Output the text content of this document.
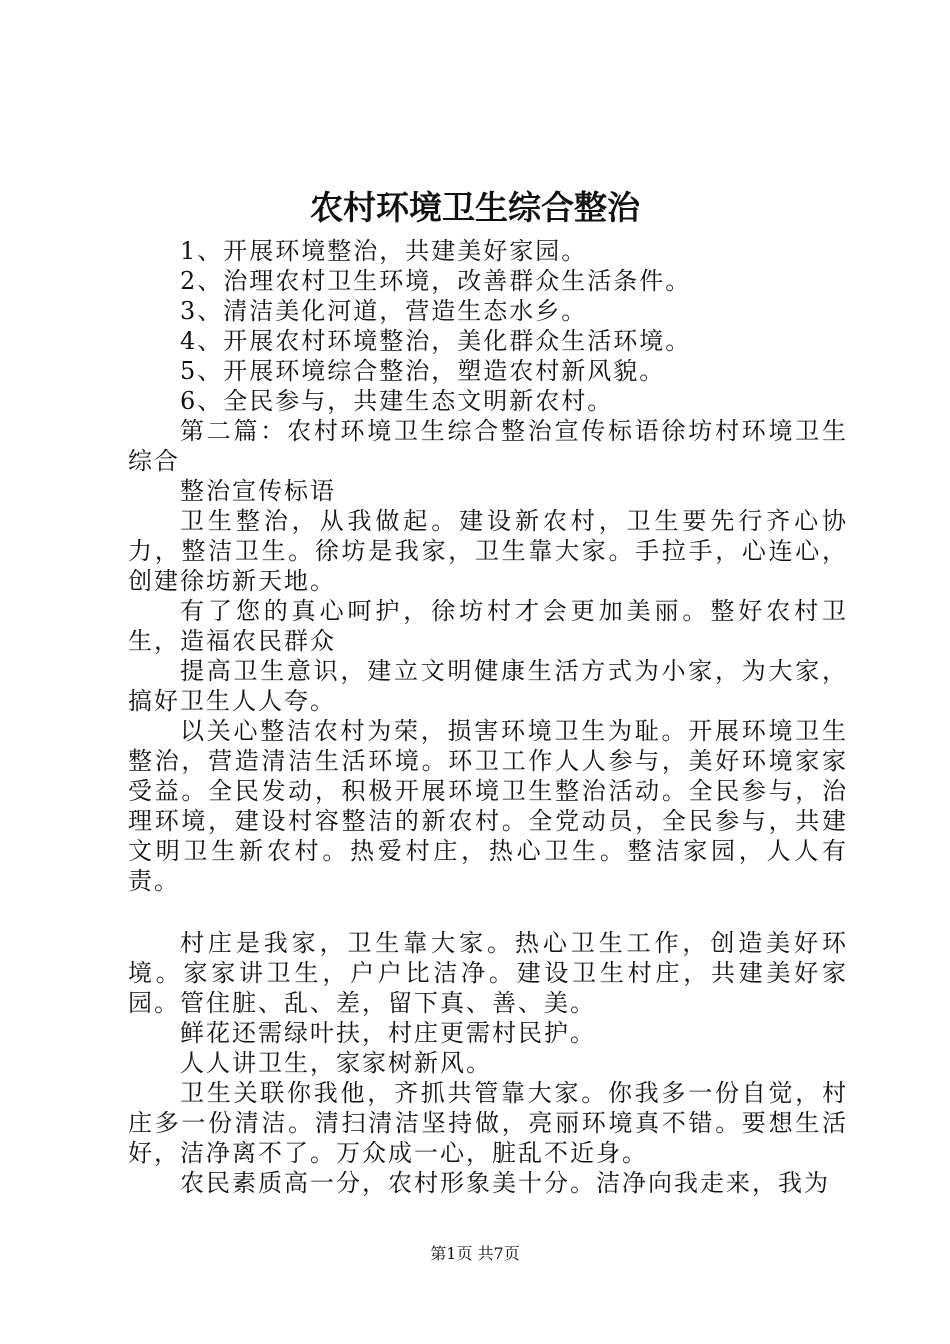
农村环境卫生综合整治

1、开展环境整治，共建美好家园。

2、治理农村卫生环境，改善群众生活条件。

3、清洁美化河道，营造生态水乡。

4、开展农村环境整治，美化群众生活环境。

5、开展环境综合整治，塑造农村新风貌。

6、全民参与，共建生态文明新农村。

第二篇：农村环境卫生综合整治宣传标语徐坊村环境卫生综合

整治宣传标语

卫生整治，从我做起。建设新农村，卫生要先行齐心协力，整洁卫生。徐坊是我家，卫生靠大家。手拉手，心连心，创建徐坊新天地。

有了您的真心呵护，徐坊村才会更加美丽。整好农村卫生，造福农民群众

提高卫生意识，建立文明健康生活方式为小家，为大家，搞好卫生人人夸。

以关心整洁农村为荣，损害环境卫生为耻。开展环境卫生整治，营造清洁生活环境。环卫工作人人参与，美好环境家家受益。全民发动，积极开展环境卫生整治活动。全民参与，治理环境，建设村容整洁的新农村。全党动员，全民参与，共建文明卫生新农村。热爱村庄，热心卫生。整洁家园，人人有责。

村庄是我家，卫生靠大家。热心卫生工作，创造美好环境。家家讲卫生，户户比洁净。建设卫生村庄，共建美好家园。管住脏、乱、差，留下真、善、美。

鲜花还需绿叶扶，村庄更需村民护。

人人讲卫生，家家树新风。

卫生关联你我他，齐抓共管靠大家。你我多一份自觉，村庄多一份清洁。清扫清洁坚持做，亮丽环境真不错。要想生活好，洁净离不了。万众成一心，脏乱不近身。

农民素质高一分，农村形象美十分。洁净向我走来，我为

第1页 共7页
